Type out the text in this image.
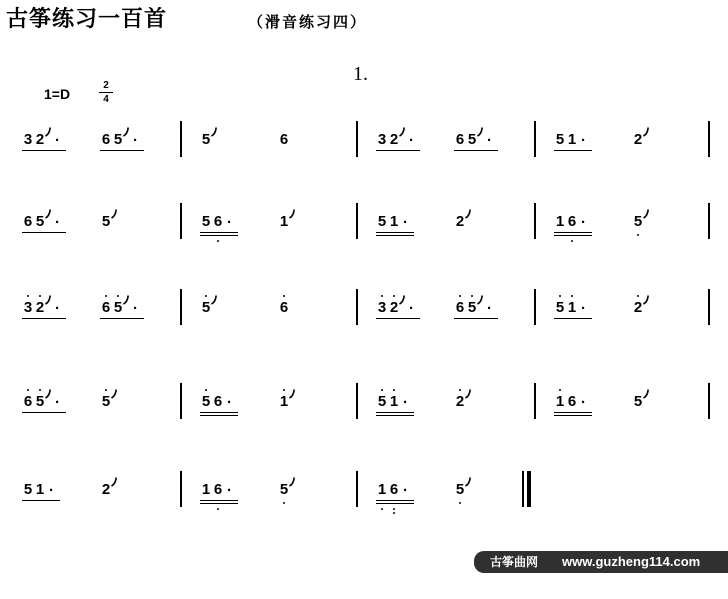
古筝练习一百首	（滑音练习四）
1.
1=D
2
4
3 2 ·	6 5 ·	5	6	3 2 ·	6 5 ·	5 1 ·	2
6 5 ·	5	5 6 ·	1	5 1 ·	2	1 6 ·	5
3 2 ·	6 5 ·	5	6	3 2 ·	6 5 ·	5 1 ·	2
6 5 ·	5	5 6 ·	1	5 1 ·	2	1 6 ·	5
5 1 ·	2	1 6 ·	5	1 6 ·	5
古筝曲网 www.guzheng114.com
